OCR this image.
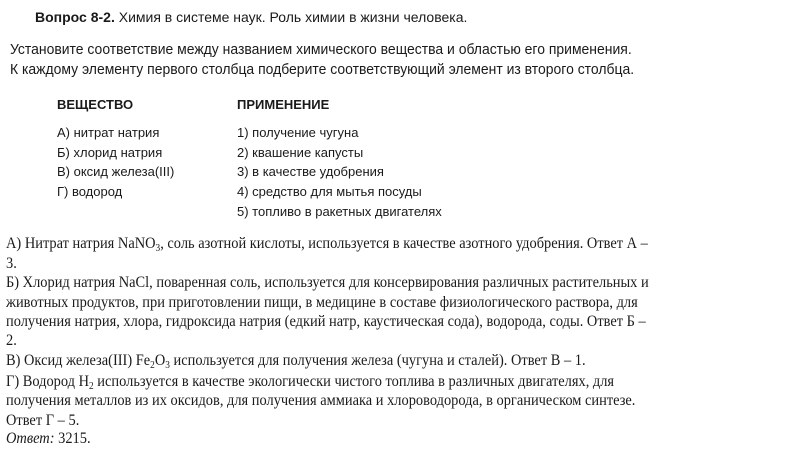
Вопрос 8-2. Химия в системе наук. Роль химии в жизни человека.
Установите соответствие между названием химического вещества и областью его применения.
К каждому элементу первого столбца подберите соответствующий элемент из второго столбца.
ВЕЩЕСТВО	ПРИМЕНЕНИЕ
А) нитрат натрия
Б) хлорид натрия
В) оксид железа(III)
Г) водород
1) получение чугуна
2) квашение капусты
3) в качестве удобрения
4) средство для мытья посуды
5) топливо в ракетных двигателях
А) Нитрат натрия NaNO$_3$, соль азотной кислоты, используется в качестве азотного удобрения. Ответ А –
3.
Б) Хлорид натрия NaCl, поваренная соль, используется для консервирования различных растительных и
животных продуктов, при приготовлении пищи, в медицине в составе физиологического раствора, для
получения натрия, хлора, гидроксида натрия (едкий натр, каустическая сода), водорода, соды. Ответ Б –
2.
В) Оксид железа(III) $Fe_2O_3$ используется для получения железа (чугуна и сталей). Ответ В – 1.
Г) Водород $H_2$ используется в качестве экологически чистого топлива в различных двигателях, для
получения металлов из их оксидов, для получения аммиака и хлороводорода, в органическом синтезе.
Ответ Г – 5.
Ответ: 3215.
